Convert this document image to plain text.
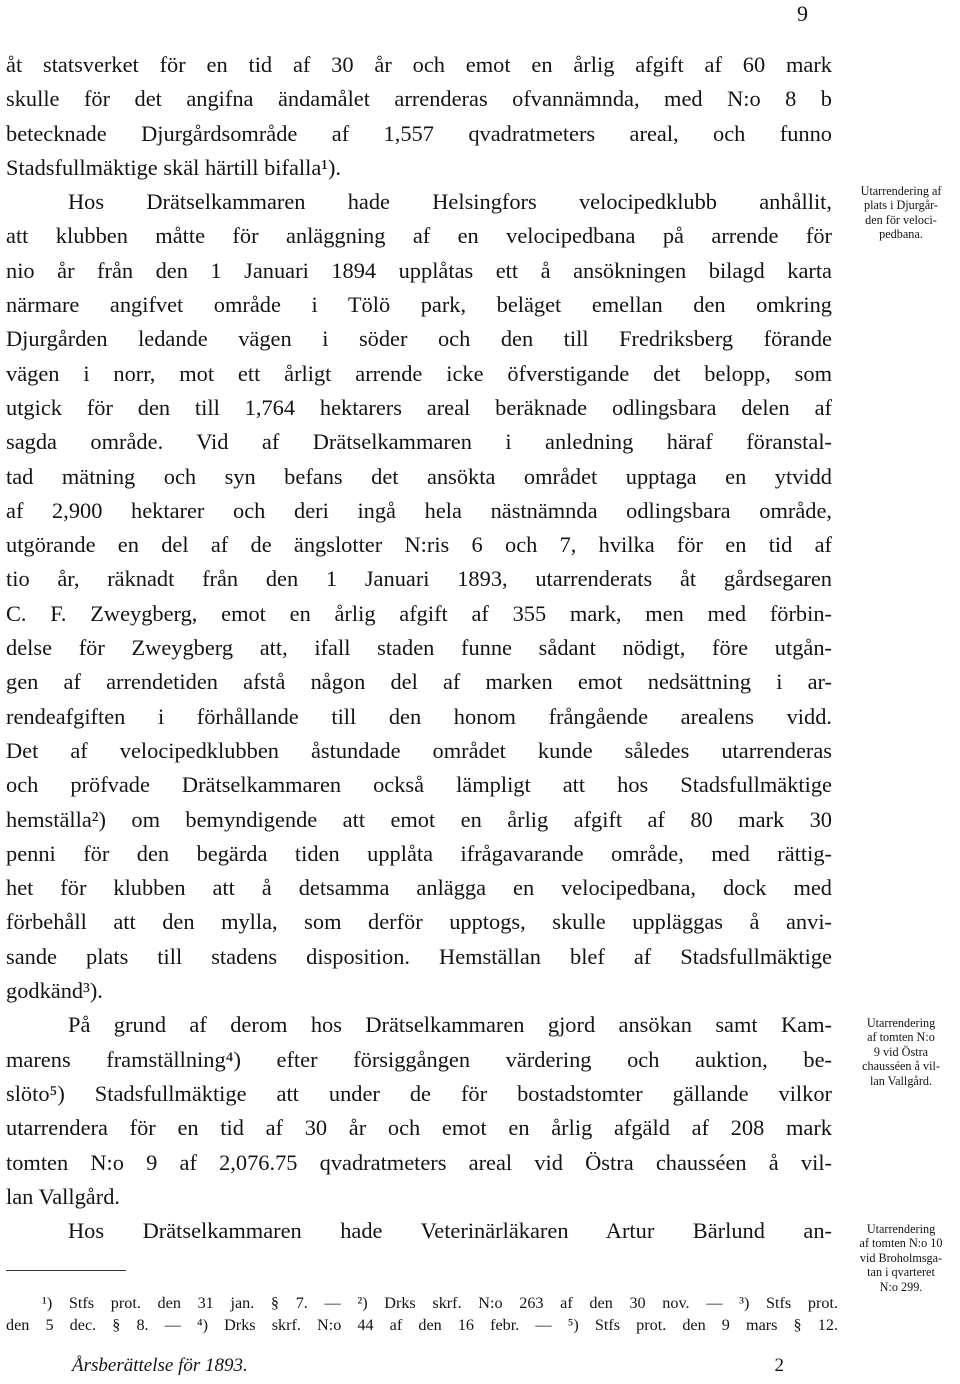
9

åt statsverket för en tid af 30 år och emot en årlig afgift af 60 mark
skulle för det angifna ändamålet arrenderas ofvannämnda, med N:o 8 b
betecknade Djurgårdsområde af 1,557 qvadratmeters areal, och funno
Stadsfullmäktige skäl härtill bifalla¹).

Hos Drätselkammaren hade Helsingfors velocipedklubb anhållit,
att klubben måtte för anläggning af en velocipedbana på arrende för
nio år från den 1 Januari 1894 upplåtas ett å ansökningen bilagd karta
närmare angifvet område i Tölö park, beläget emellan den omkring
Djurgården ledande vägen i söder och den till Fredriksberg förande
vägen i norr, mot ett årligt arrende icke öfverstigande det belopp, som
utgick för den till 1,764 hektarers areal beräknade odlingsbara delen af
sagda område. Vid af Drätselkammaren i anledning häraf föranstal-
tad mätning och syn befans det ansökta området upptaga en ytvidd
af 2,900 hektarer och deri ingå hela nästnämnda odlingsbara område,
utgörande en del af de ängslotter N:ris 6 och 7, hvilka för en tid af
tio år, räknadt från den 1 Januari 1893, utarrenderats åt gårdsegaren
C. F. Zweygberg, emot en årlig afgift af 355 mark, men med förbin-
delse för Zweygberg att, ifall staden funne sådant nödigt, före utgån-
gen af arrendetiden afstå någon del af marken emot nedsättning i ar-
rendeafgiften i förhållande till den honom frångående arealens vidd.
Det af velocipedklubben åstundade området kunde således utarrenderas
och pröfvade Drätselkammaren också lämpligt att hos Stadsfullmäktige
hemställa²) om bemyndigende att emot en årlig afgift af 80 mark 30
penni för den begärda tiden upplåta ifrågavarande område, med rättig-
het för klubben att å detsamma anlägga en velocipedbana, dock med
förbehåll att den mylla, som derför upptogs, skulle uppläggas å anvi-
sande plats till stadens disposition. Hemställan blef af Stadsfullmäktige
godkänd³).

På grund af derom hos Drätselkammaren gjord ansökan samt Kam-
marens framställning⁴) efter försiggången värdering och auktion, be-
slöto⁵) Stadsfullmäktige att under de för bostadstomter gällande vilkor
utarrendera för en tid af 30 år och emot en årlig afgäld af 208 mark
tomten N:o 9 af 2,076.75 qvadratmeters areal vid Östra chausséen å vil-
lan Vallgård.

Hos Drätselkammaren hade Veterinärläkaren Artur Bärlund an-

Utarrendering af
plats i Djurgår-
den för veloci-
pedbana.
Utarrendering
af tomten N:o
9 vid Östra
chausséen å vil-
lan Vallgård.
Utarrendering
af tomten N:o 10
vid Broholmsga-
tan i qvarteret
N:o 299.
¹) Stfs prot. den 31 jan. § 7. — ²) Drks skrf. N:o 263 af den 30 nov. — ³) Stfs prot.
den 5 dec. § 8. — ⁴) Drks skrf. N:o 44 af den 16 febr. — ⁵) Stfs prot. den 9 mars § 12.
Årsberättelse för 1893.	2
